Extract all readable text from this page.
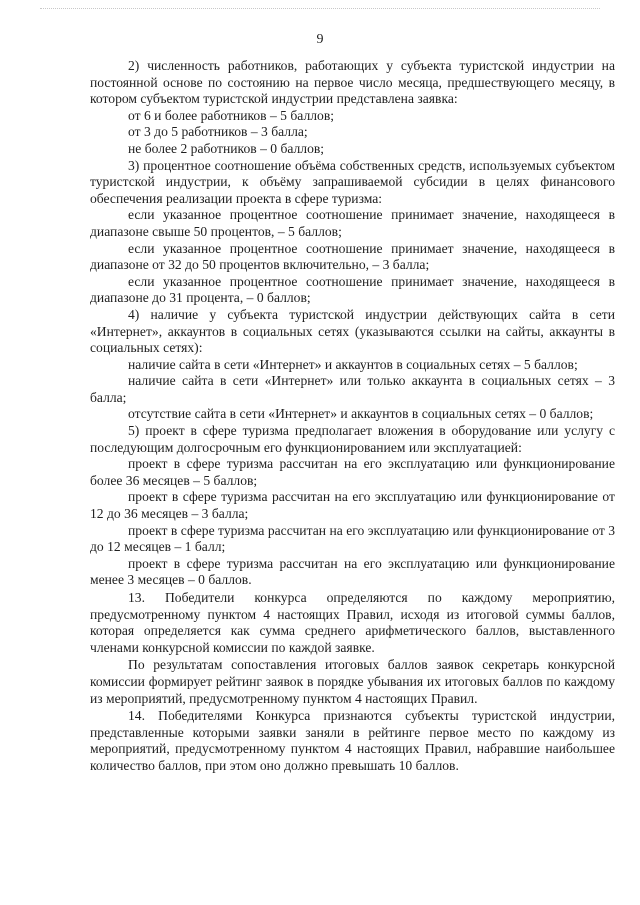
9

2) численность работников, работающих у субъекта туристской индустрии на постоянной основе по состоянию на первое число месяца, предшествующего месяцу, в котором субъектом туристской индустрии представлена заявка:

от 6 и более работников – 5 баллов;

от 3 до 5 работников – 3 балла;

не более 2 работников – 0 баллов;

3) процентное соотношение объёма собственных средств, используемых субъектом туристской индустрии, к объёму запрашиваемой субсидии в целях финансового обеспечения реализации проекта в сфере туризма:

если указанное процентное соотношение принимает значение, находящееся в диапазоне свыше 50 процентов, – 5 баллов;

если указанное процентное соотношение принимает значение, находящееся в диапазоне от 32 до 50 процентов включительно, – 3 балла;

если указанное процентное соотношение принимает значение, находящееся в диапазоне до 31 процента, – 0 баллов;

4) наличие у субъекта туристской индустрии действующих сайта в сети «Интернет», аккаунтов в социальных сетях (указываются ссылки на сайты, аккаунты в социальных сетях):

наличие сайта в сети «Интернет» и аккаунтов в социальных сетях – 5 баллов;

наличие сайта в сети «Интернет» или только аккаунта в социальных сетях – 3 балла;

отсутствие сайта в сети «Интернет» и аккаунтов в социальных сетях – 0 баллов;

5) проект в сфере туризма предполагает вложения в оборудование или услугу с последующим долгосрочным его функционированием или эксплуатацией:

проект в сфере туризма рассчитан на его эксплуатацию или функционирование более 36 месяцев – 5 баллов;

проект в сфере туризма рассчитан на его эксплуатацию или функционирование от 12 до 36 месяцев – 3 балла;

проект в сфере туризма рассчитан на его эксплуатацию или функционирование от 3 до 12 месяцев – 1 балл;

проект в сфере туризма рассчитан на его эксплуатацию или функционирование менее 3 месяцев – 0 баллов.

13. Победители конкурса определяются по каждому мероприятию, предусмотренному пунктом 4 настоящих Правил, исходя из итоговой суммы баллов, которая определяется как сумма среднего арифметического баллов, выставленного членами конкурсной комиссии по каждой заявке.

По результатам сопоставления итоговых баллов заявок секретарь конкурсной комиссии формирует рейтинг заявок в порядке убывания их итоговых баллов по каждому из мероприятий, предусмотренному пунктом 4 настоящих Правил.

14. Победителями Конкурса признаются субъекты туристской индустрии, представленные которыми заявки заняли в рейтинге первое место по каждому из мероприятий, предусмотренному пунктом 4 настоящих Правил, набравшие наибольшее количество баллов, при этом оно должно превышать 10 баллов.
